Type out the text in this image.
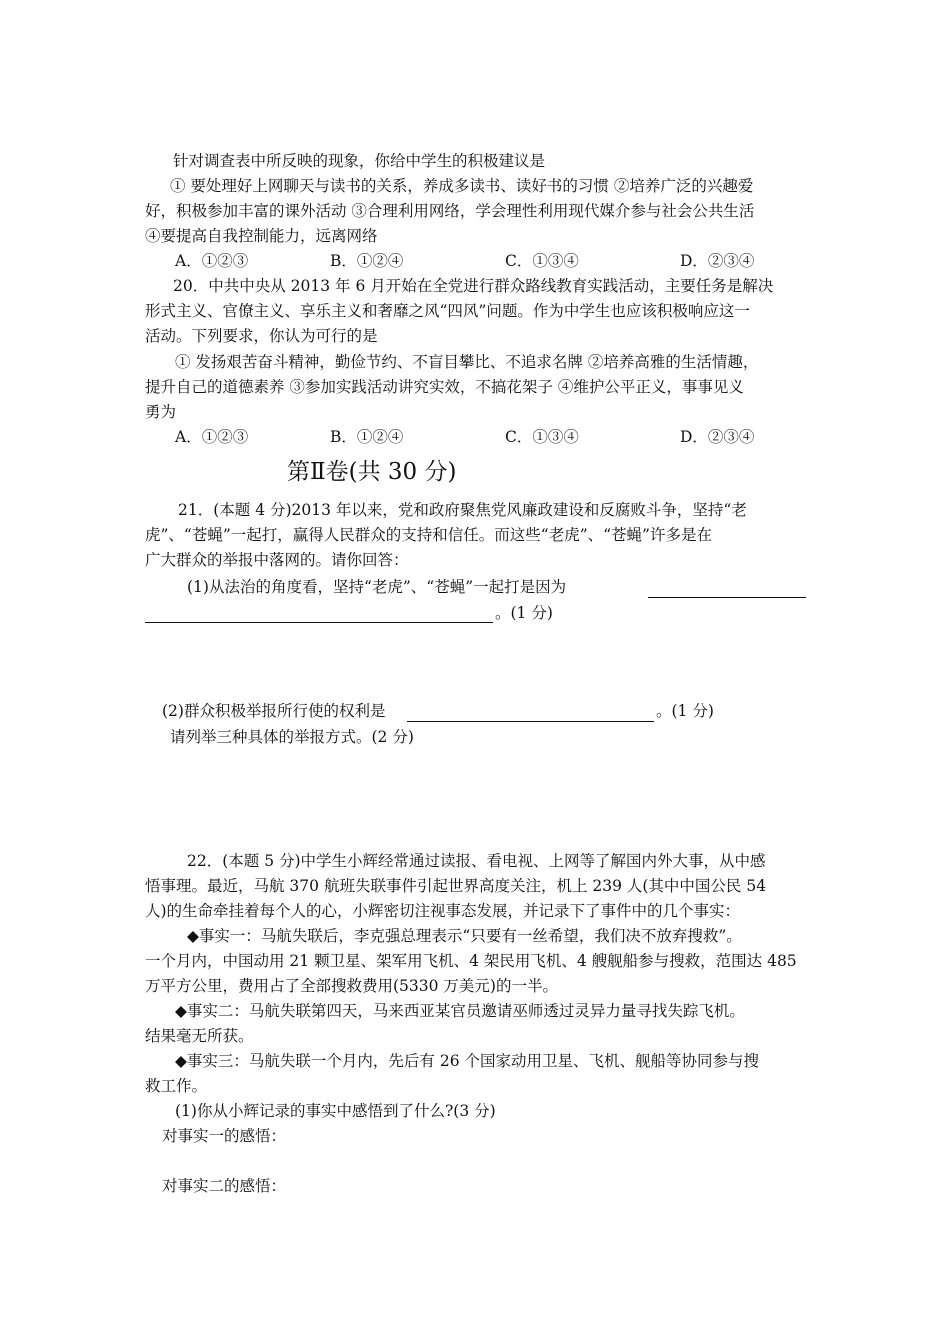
针对调查表中所反映的现象，你给中学生的积极建议是
① 要处理好上网聊天与读书的关系，养成多读书、读好书的习惯 ②培养广泛的兴趣爱
好，积极参加丰富的课外活动 ③合理利用网络，学会理性利用现代媒介参与社会公共生活
④要提高自我控制能力，远离网络
A．①②③	B．①②④	C．①③④	D．②③④
20．中共中央从 2013 年 6 月开始在全党进行群众路线教育实践活动，主要任务是解决
形式主义、官僚主义、享乐主义和奢靡之风“四风”问题。作为中学生也应该积极响应这一
活动。下列要求，你认为可行的是
① 发扬艰苦奋斗精神，勤俭节约、不盲目攀比、不追求名牌 ②培养高雅的生活情趣，
提升自己的道德素养 ③参加实践活动讲究实效，不搞花架子 ④维护公平正义，事事见义
勇为
A．①②③	B．①②④	C．①③④	D．②③④
第Ⅱ卷(共 30 分)
21．(本题 4 分)2013 年以来，党和政府聚焦党风廉政建设和反腐败斗争，坚持“老
虎”、“苍蝇”一起打，赢得人民群众的支持和信任。而这些“老虎”、“苍蝇”许多是在
广大群众的举报中落网的。请你回答：
(1)从法治的角度看，坚持“老虎”、“苍蝇”一起打是因为
。(1 分)
(2)群众积极举报所行使的权利是	。(1 分)
请列举三种具体的举报方式。(2 分)
22．(本题 5 分)中学生小辉经常通过读报、看电视、上网等了解国内外大事，从中感
悟事理。最近，马航 370 航班失联事件引起世界高度关注，机上 239 人(其中中国公民 54
人)的生命牵挂着每个人的心，小辉密切注视事态发展，并记录下了事件中的几个事实：
◆事实一：马航失联后，李克强总理表示“只要有一丝希望，我们决不放弃搜救”。
一个月内，中国动用 21 颗卫星、架军用飞机、4 架民用飞机、4 艘舰船参与搜救，范围达 485
万平方公里，费用占了全部搜救费用(5330 万美元)的一半。
◆事实二：马航失联第四天，马来西亚某官员邀请巫师透过灵异力量寻找失踪飞机。
结果毫无所获。
◆事实三：马航失联一个月内，先后有 26 个国家动用卫星、飞机、舰船等协同参与搜
救工作。
(1)你从小辉记录的事实中感悟到了什么?(3 分)
对事实一的感悟：
对事实二的感悟：
